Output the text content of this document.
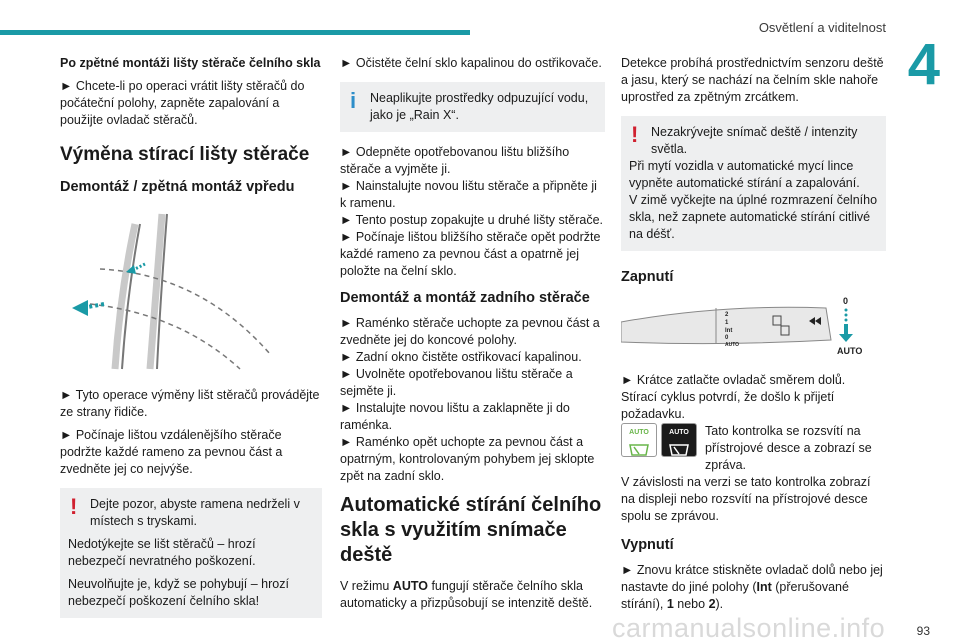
Osvětlení a viditelnost
4

Po zpětné montáži lišty stěrače čelního skla

► Chcete-li po operaci vrátit lišty stěračů do počáteční polohy, zapněte zapalování a použijte ovladač stěračů.

Výměna stírací lišty stěrače
Demontáž / zpětná montáž vpředu

► Tyto operace výměny lišt stěračů provádějte ze strany řidiče.

► Počínaje lištou vzdálenějšího stěrače podržte každé rameno za pevnou část a zvedněte jej co nejvýše.

!	Dejte pozor, abyste ramena nedrželi v místech s tryskami.

Nedotýkejte se lišt stěračů – hrozí nebezpečí nevratného poškození.

Neuvolňujte je, když se pohybují – hrozí nebezpečí poškození čelního skla!

► Očistěte čelní sklo kapalinou do ostřikovače.

i	Neaplikujte prostředky odpuzující vodu, jako je „Rain X“.

► Odepněte opotřebovanou lištu bližšího stěrače a vyjměte ji.

► Nainstalujte novou lištu stěrače a připněte ji k ramenu.

► Tento postup zopakujte u druhé lišty stěrače.

► Počínaje lištou bližšího stěrače opět podržte každé rameno za pevnou část a opatrně jej položte na čelní sklo.

Demontáž a montáž zadního stěrače

► Raménko stěrače uchopte za pevnou část a zvedněte jej do koncové polohy.

► Zadní okno čistěte ostřikovací kapalinou.

► Uvolněte opotřebovanou lištu stěrače a sejměte ji.

► Instalujte novou lištu a zaklapněte ji do raménka.

► Raménko opět uchopte za pevnou část a opatrným, kontrolovaným pohybem jej sklopte zpět na zadní sklo.

Automatické stírání čelního skla s využitím snímače deště

V režimu AUTO fungují stěrače čelního skla automaticky a přizpůsobují se intenzitě deště.

Detekce probíhá prostřednictvím senzoru deště a jasu, který se nachází na čelním skle nahoře uprostřed za zpětným zrcátkem.

!	Nezakrývejte snímač deště / intenzity světla.

Při mytí vozidla v automatické mycí lince vypněte automatické stírání a zapalování.

V zimě vyčkejte na úplné rozmrazení čelního skla, než zapnete automatické stírání citlivé na déšť.

Zapnutí
2
1
Int
0
AUTO
0
AUTO

► Krátce zatlačte ovladač směrem dolů.

Stírací cyklus potvrdí, že došlo k přijetí požadavku.

AUTO	AUTO	Tato kontrolka se rozsvítí na přístrojové desce a zobrazí se zpráva.

V závislosti na verzi se tato kontrolka zobrazí na displeji nebo rozsvítí na přístrojové desce spolu se zprávou.

Vypnutí

► Znovu krátce stiskněte ovladač dolů nebo jej nastavte do jiné polohy (Int (přerušované stírání), 1 nebo 2).

93
carmanualsonline.info
